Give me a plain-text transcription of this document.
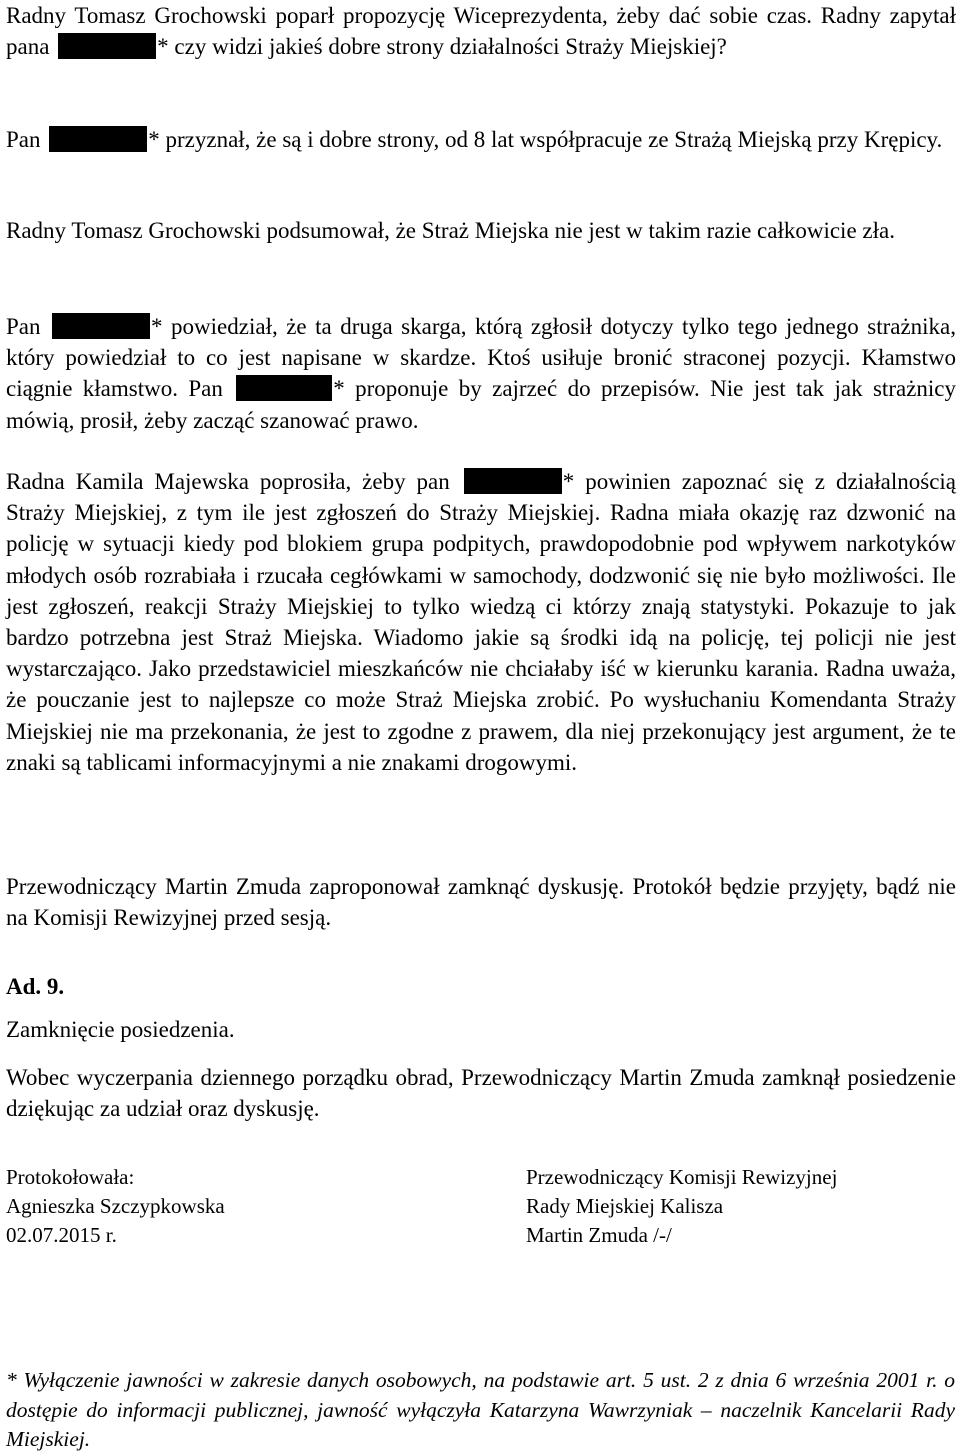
Radny Tomasz Grochowski poparł propozycję Wiceprezydenta, żeby dać sobie czas. Radny zapytał pana	* czy widzi jakieś dobre strony działalności Straży Miejskiej?

Pan	* przyznał, że są i dobre strony, od 8 lat współpracuje ze Strażą Miejską przy Krępicy.

Radny Tomasz Grochowski podsumował, że Straż Miejska nie jest w takim razie całkowicie zła.

Pan	* powiedział, że ta druga skarga, którą zgłosił dotyczy tylko tego jednego strażnika, który powiedział to co jest napisane w skardze. Ktoś usiłuje bronić straconej pozycji. Kłamstwo ciągnie kłamstwo. Pan	* proponuje by zajrzeć do przepisów. Nie jest tak jak strażnicy mówią, prosił, żeby zacząć szanować prawo.

Radna Kamila Majewska poprosiła, żeby pan	* powinien zapoznać się z działalnością Straży Miejskiej, z tym ile jest zgłoszeń do Straży Miejskiej. Radna miała okazję raz dzwonić na policję w sytuacji kiedy pod blokiem grupa podpitych, prawdopodobnie pod wpływem narkotyków młodych osób rozrabiała i rzucała cegłówkami w samochody, dodzwonić się nie było możliwości. Ile jest zgłoszeń, reakcji Straży Miejskiej to tylko wiedzą ci którzy znają statystyki. Pokazuje to jak bardzo potrzebna jest Straż Miejska. Wiadomo jakie są środki idą na policję, tej policji nie jest wystarczająco. Jako przedstawiciel mieszkańców nie chciałaby iść w kierunku karania. Radna uważa, że pouczanie jest to najlepsze co może Straż Miejska zrobić. Po wysłuchaniu Komendanta Straży Miejskiej nie ma przekonania, że jest to zgodne z prawem, dla niej przekonujący jest argument, że te znaki są tablicami informacyjnymi a nie znakami drogowymi.

Przewodniczący Martin Zmuda zaproponował zamknąć dyskusję. Protokół będzie przyjęty, bądź nie na Komisji Rewizyjnej przed sesją.

Ad. 9.

Zamknięcie posiedzenia.

Wobec wyczerpania dziennego porządku obrad, Przewodniczący Martin Zmuda zamknął posiedzenie dziękując za udział oraz dyskusję.

Protokołowała:
Agnieszka Szczypkowska
02.07.2015 r.
Przewodniczący Komisji Rewizyjnej
Rady Miejskiej Kalisza
Martin Zmuda /-/
* Wyłączenie jawności w zakresie danych osobowych, na podstawie art. 5 ust. 2 z dnia 6 września 2001 r. o dostępie do informacji publicznej, jawność wyłączyła Katarzyna Wawrzyniak – naczelnik Kancelarii Rady Miejskiej.
